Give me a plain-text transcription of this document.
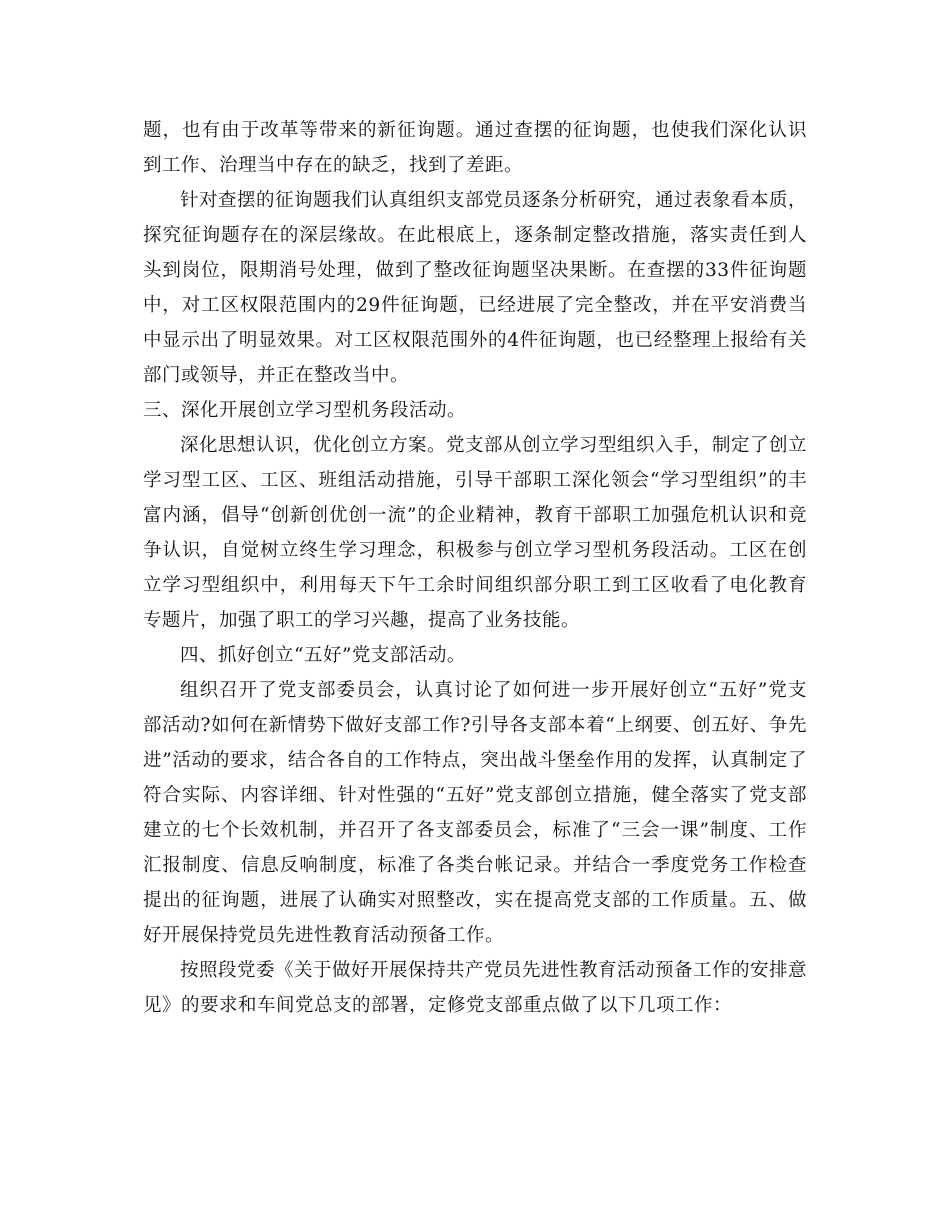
题，也有由于改革等带来的新征询题。通过查摆的征询题，也使我们深化认识到工作、治理当中存在的缺乏，找到了差距。

针对查摆的征询题我们认真组织支部党员逐条分析研究，通过表象看本质，探究征询题存在的深层缘故。在此根底上，逐条制定整改措施，落实责任到人头到岗位，限期消号处理，做到了整改征询题坚决果断。在查摆的33件征询题中，对工区权限范围内的29件征询题，已经进展了完全整改，并在平安消费当中显示出了明显效果。对工区权限范围外的4件征询题，也已经整理上报给有关部门或领导，并正在整改当中。

三、深化开展创立学习型机务段活动。

深化思想认识，优化创立方案。党支部从创立学习型组织入手，制定了创立学习型工区、工区、班组活动措施，引导干部职工深化领会“学习型组织”的丰富内涵，倡导“创新创优创一流”的企业精神，教育干部职工加强危机认识和竞争认识，自觉树立终生学习理念，积极参与创立学习型机务段活动。工区在创立学习型组织中，利用每天下午工余时间组织部分职工到工区收看了电化教育专题片，加强了职工的学习兴趣，提高了业务技能。

四、抓好创立“五好”党支部活动。

组织召开了党支部委员会，认真讨论了如何进一步开展好创立“五好”党支部活动?如何在新情势下做好支部工作?引导各支部本着“上纲要、创五好、争先进”活动的要求，结合各自的工作特点，突出战斗堡垒作用的发挥，认真制定了符合实际、内容详细、针对性强的“五好”党支部创立措施，健全落实了党支部建立的七个长效机制，并召开了各支部委员会，标准了“三会一课”制度、工作汇报制度、信息反响制度，标准了各类台帐记录。并结合一季度党务工作检查提出的征询题，进展了认确实对照整改，实在提高党支部的工作质量。五、做好开展保持党员先进性教育活动预备工作。

按照段党委《关于做好开展保持共产党员先进性教育活动预备工作的安排意见》的要求和车间党总支的部署，定修党支部重点做了以下几项工作：
